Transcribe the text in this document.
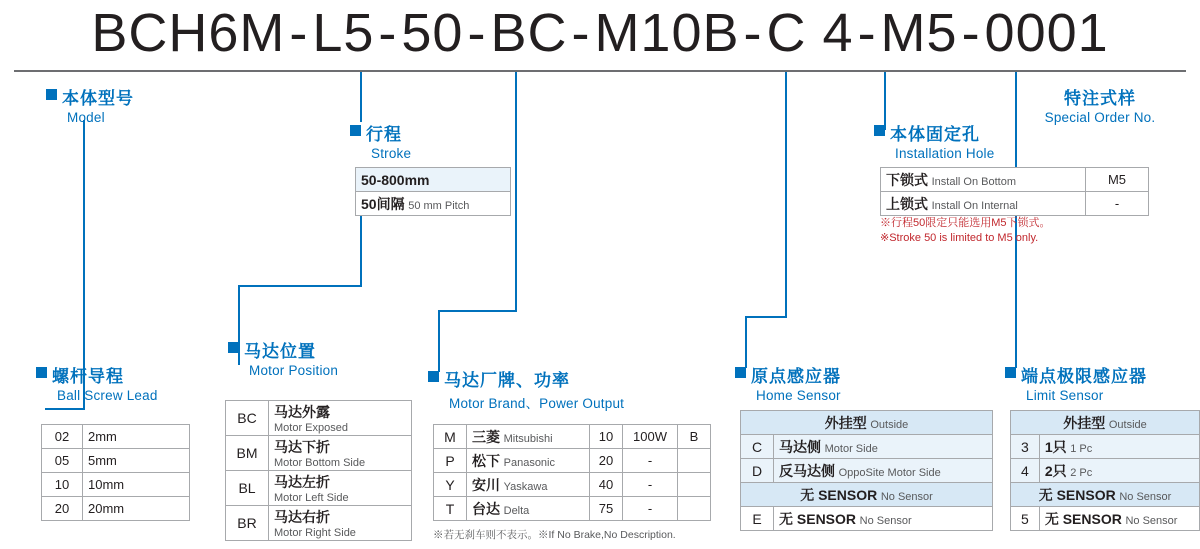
BCH6M-L5-50-BC-M10B-C 4-M5-0001
本体型号
Model
行程
Stroke
50-800mm
50间隔 50 mm Pitch
特注式样
Special Order No.
本体固定孔
Installation Hole
下锁式 Install On Bottom	M5
上锁式 Install On Internal	-
※行程50限定只能选用M5下锁式。
※Stroke 50 is limited to M5 only.
螺杆导程
Ball Screw Lead
02	2mm
05	5mm
10	10mm
20	20mm
马达位置
Motor Position
BC	马达外露
Motor Exposed

BM	马达下折
Motor Bottom Side

BL	马达左折
Motor Left Side

BR	马达右折
Motor Right Side
马达厂牌、功率
Motor Brand、Power Output
M	三菱 Mitsubishi	10	100W	B
P	松下 Panasonic	20	-	
Y	安川 Yaskawa	40	-	
T	台达 Delta	75	-	
※若无刹车则不表示。※If No Brake,No Description.
原点感应器
Home Sensor
外挂型 Outside	
C	马达侧 Motor Side
D	反马达侧 OppoSite Motor Side
无 SENSOR No Sensor	
E	无 SENSOR No Sensor
端点极限感应器
Limit Sensor
外挂型 Outside	
3	1只 1 Pc
4	2只 2 Pc
无 SENSOR No Sensor	
5	无 SENSOR No Sensor
